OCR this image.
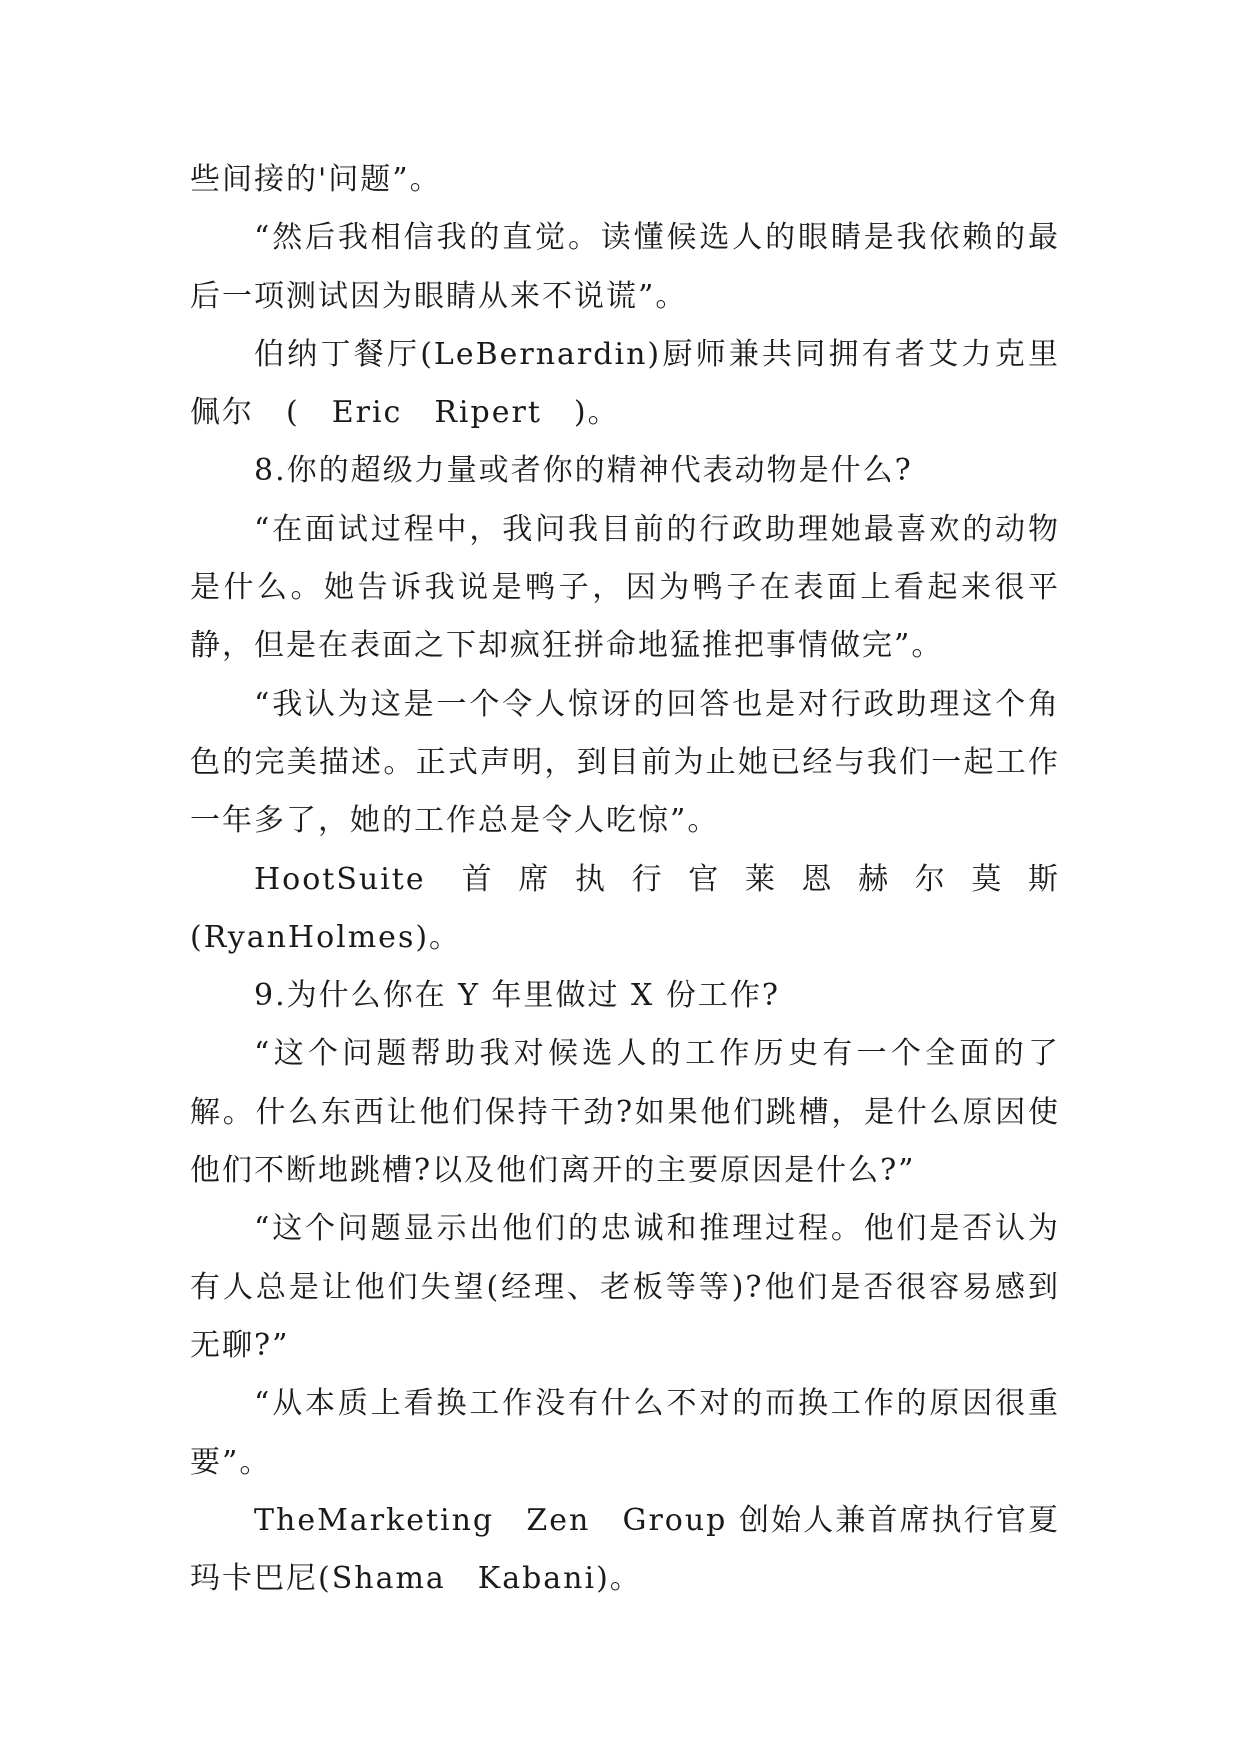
些间接的'问题”。

“然后我相信我的直觉。读懂候选人的眼睛是我依赖的最后一项测试因为眼睛从来不说谎”。

伯纳丁餐厅(LeBernardin)厨师兼共同拥有者艾力克里佩尔　(　Eric　Ripert　)。

8.你的超级力量或者你的精神代表动物是什么?

“在面试过程中，我问我目前的行政助理她最喜欢的动物是什么。她告诉我说是鸭子，因为鸭子在表面上看起来很平静，但是在表面之下却疯狂拼命地猛推把事情做完”。

“我认为这是一个令人惊讶的回答也是对行政助理这个角色的完美描述。正式声明，到目前为止她已经与我们一起工作一年多了，她的工作总是令人吃惊”。

HootSuite 首席执行官莱恩赫尔莫斯(RyanHolmes)。

9.为什么你在 Y 年里做过 X 份工作?

“这个问题帮助我对候选人的工作历史有一个全面的了解。什么东西让他们保持干劲?如果他们跳槽，是什么原因使他们不断地跳槽?以及他们离开的主要原因是什么?”

“这个问题显示出他们的忠诚和推理过程。他们是否认为有人总是让他们失望(经理、老板等等)?他们是否很容易感到无聊?”

“从本质上看换工作没有什么不对的而换工作的原因很重要”。

TheMarketing　Zen　Group 创始人兼首席执行官夏玛卡巴尼(Shama　Kabani)。
